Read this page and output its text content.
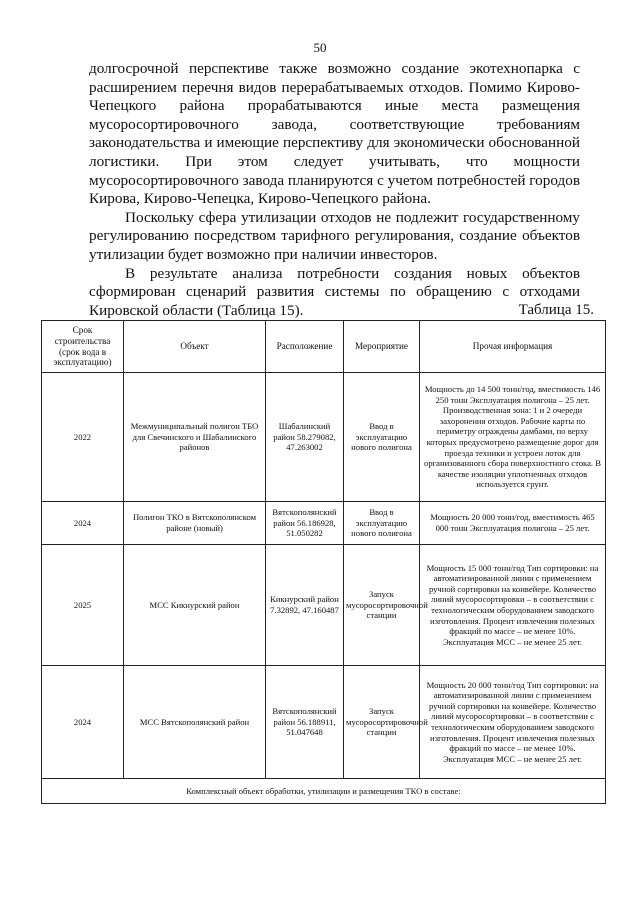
50

долгосрочной перспективе также возможно создание экотехнопарка с расширением перечня видов перерабатываемых отходов. Помимо Кирово-Чепецкого района прорабатываются иные места размещения мусоросортировочного завода, соответствующие требованиям законодательства и имеющие перспективу для экономически обоснованной логистики. При этом следует учитывать, что мощности мусоросортировочного завода планируются с учетом потребностей городов Кирова, Кирово-Чепецка, Кирово-Чепецкого района.

Поскольку сфера утилизации отходов не подлежит государственному регулированию посредством тарифного регулирования, создание объектов утилизации будет возможно при наличии инвесторов.

В результате анализа потребности создания новых объектов сформирован сценарий развития системы по обращению с отходами Кировской области (Таблица 15).	Таблица 15.
Срок строительства (срок вода в эксплуатацию)	Объект	Расположение	Мероприятие	Прочая информация
2022	Межмуниципальный полигон ТБО для Свечинского и Шабалинского районов	Шабалинский район 58.279082, 47.263002	Ввод в эксплуатацию нового полигона	Мощность до 14 500 тонн/год, вместимость 146 250 тонн Эксплуатация полигона – 25 лет. Производственная зона: 1 и 2 очереди захоронения отходов. Рабочие карты по периметру ограждены дамбами, по верху которых предусмотрено размещение дорог для проезда техники и устроен лоток для организованного сбора поверхностного стока. В качестве изоляции уплотненных отходов используется грунт.
2024	Полигон ТКО в Вятскополянском районе (новый)	Вятскополянский район 56.186928, 51.050282	Ввод в эксплуатацию нового полигона	Мощность 20 000 тонн/год, вместимость 465 000 тонн Эксплуатация полигона – 25 лет.
2025	МСС Кикнурский район	Кикнурский район 7.32892, 47.160487	Запуск мусоросортировочной станции	Мощность 15 000 тонн/год Тип сортировки: на автоматизированной линии с применением ручной сортировки на конвейере. Количество линий мусоросортировки – в соответствии с технологическим оборудованием заводского изготовления. Процент извлечения полезных фракций по массе – не менее 10%. Эксплуатация МСС – не менее 25 лет.
2024	МСС Вятскополянский район	Вятскополянский район 56.188911, 51.047648	Запуск мусоросортировочной станции	Мощность 20 000 тонн/год Тип сортировки: на автоматизированной линии с применением ручной сортировки на конвейере. Количество линий мусоросортировки – в соответствии с технологическим оборудованием заводского изготовления. Процент извлечения полезных фракций по массе – не менее 10%. Эксплуатация МСС – не менее 25 лет.
Комплексный объект обработки, утилизации и размещения ТКО в составе:				
